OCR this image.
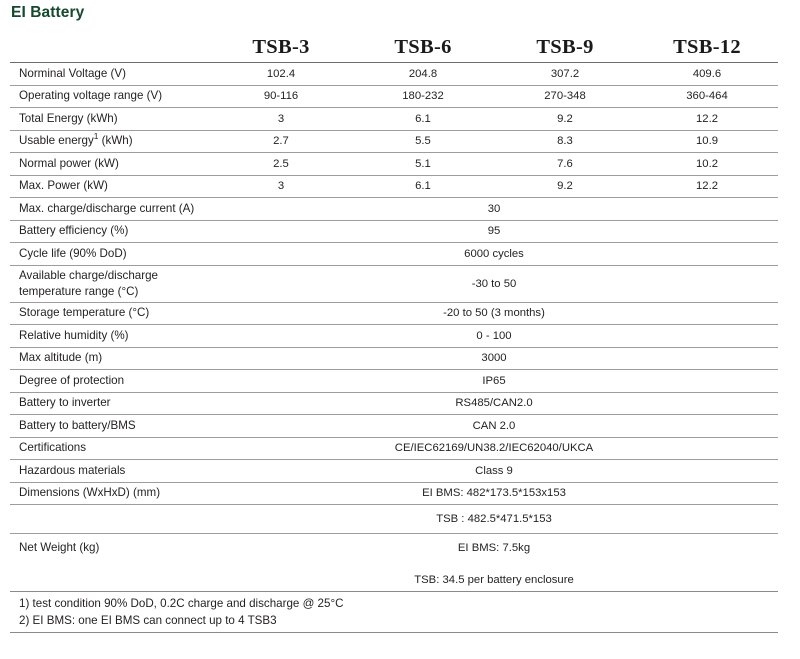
EI Battery
	TSB-3	TSB-6	TSB-9	TSB-12
Norminal Voltage (V)	102.4	204.8	307.2	409.6
Operating voltage range (V)	90-116	180-232	270-348	360-464
Total Energy (kWh)	3	6.1	9.2	12.2
Usable energy$^1$ (kWh)	2.7	5.5	8.3	10.9
Normal power (kW)	2.5	5.1	7.6	10.2
Max. Power (kW)	3	6.1	9.2	12.2
Max. charge/discharge current (A)	30			
Battery efficiency (%)	95			
Cycle life (90% DoD)	6000 cycles			
Available charge/discharge
temperature range (°C)	-30 to 50			
Storage temperature (°C)	-20 to 50 (3 months)			
Relative humidity (%)	0 - 100			
Max altitude (m)	3000			
Degree of protection	IP65			
Battery to inverter	RS485/CAN2.0			
Battery to battery/BMS	CAN 2.0			
Certifications	CE/IEC62169/UN38.2/IEC62040/UKCA			
Hazardous materials	Class 9			
Dimensions (WxHxD) (mm)	EI BMS: 482*173.5*153x153			
	TSB : 482.5*471.5*153			
Net Weight (kg)	EI BMS: 7.5kg			
	TSB: 34.5 per battery enclosure			
1) test condition 90% DoD, 0.2C charge and discharge @ 25°C
2) EI BMS: one EI BMS can connect up to 4 TSB3
